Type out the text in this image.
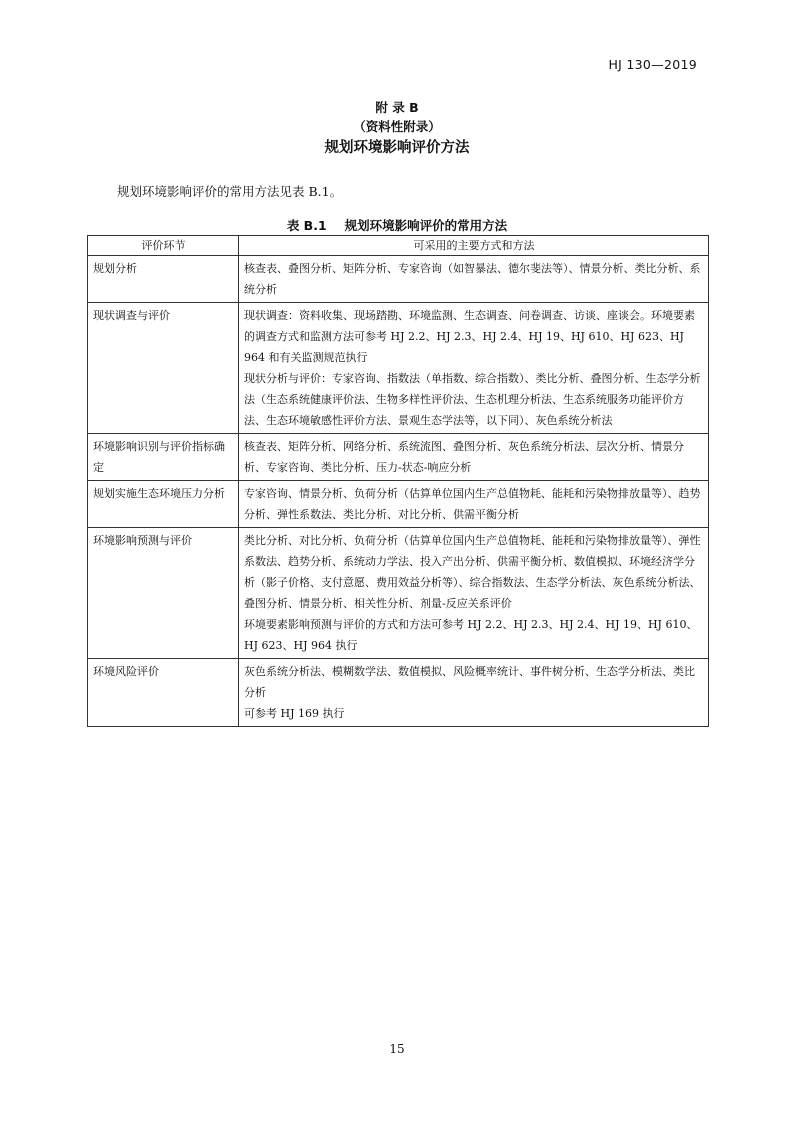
HJ 130—2019
附 录 B
（资料性附录）
规划环境影响评价方法
规划环境影响评价的常用方法见表 B.1。
表 B.1 规划环境影响评价的常用方法
评价环节	可采用的主要方式和方法
规划分析	核查表、叠图分析、矩阵分析、专家咨询（如智暴法、德尔斐法等）、情景分析、类比分析、系统分析

现状调查与评价	现状调查：资料收集、现场踏勘、环境监测、生态调查、问卷调查、访谈、座谈会。环境要素的调查方式和监测方法可参考 HJ 2.2、HJ 2.3、HJ 2.4、HJ 19、HJ 610、HJ 623、HJ 964 和有关监测规范执行
现状分析与评价：专家咨询、指数法（单指数、综合指数）、类比分析、叠图分析、生态学分析法（生态系统健康评价法、生物多样性评价法、生态机理分析法、生态系统服务功能评价方法、生态环境敏感性评价方法、景观生态学法等，以下同）、灰色系统分析法

环境影响识别与评价指标确定	核查表、矩阵分析、网络分析、系统流图、叠图分析、灰色系统分析法、层次分析、情景分析、专家咨询、类比分析、压力-状态-响应分析

规划实施生态环境压力分析	专家咨询、情景分析、负荷分析（估算单位国内生产总值物耗、能耗和污染物排放量等）、趋势分析、弹性系数法、类比分析、对比分析、供需平衡分析

环境影响预测与评价	类比分析、对比分析、负荷分析（估算单位国内生产总值物耗、能耗和污染物排放量等）、弹性系数法、趋势分析、系统动力学法、投入产出分析、供需平衡分析、数值模拟、环境经济学分析（影子价格、支付意愿、费用效益分析等）、综合指数法、生态学分析法、灰色系统分析法、叠图分析、情景分析、相关性分析、剂量-反应关系评价
环境要素影响预测与评价的方式和方法可参考 HJ 2.2、HJ 2.3、HJ 2.4、HJ 19、HJ 610、HJ 623、HJ 964 执行

环境风险评价	灰色系统分析法、模糊数学法、数值模拟、风险概率统计、事件树分析、生态学分析法、类比分析
可参考 HJ 169 执行
15
